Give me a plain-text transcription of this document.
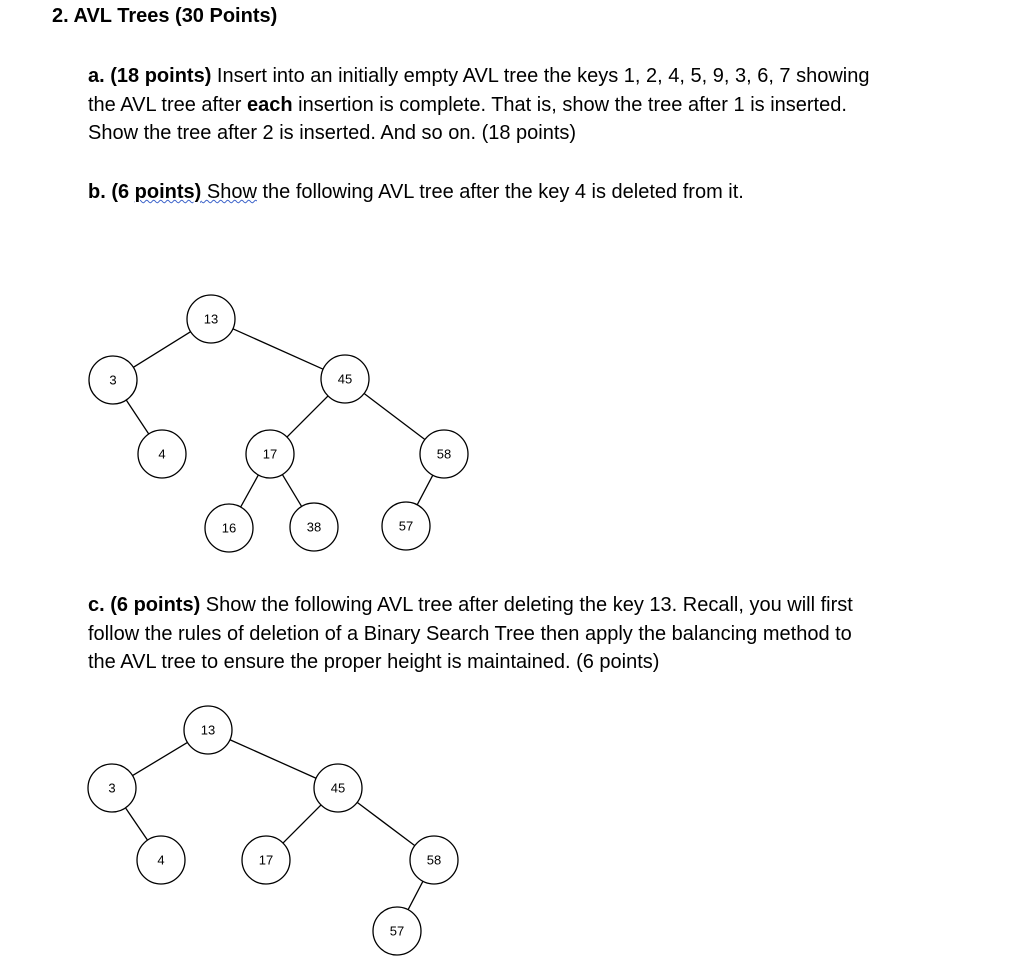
2. AVL Trees (30 Points)
a. (18 points) Insert into an initially empty AVL tree the keys 1, 2, 4, 5, 9, 3, 6, 7 showing
the AVL tree after each insertion is complete. That is, show the tree after 1 is inserted.
Show the tree after 2 is inserted. And so on. (18 points)
b. (6 points) Show the following AVL tree after the key 4 is deleted from it.
13
3	45
4	17	58
16	38	57
c. (6 points) Show the following AVL tree after deleting the key 13. Recall, you will first
follow the rules of deletion of a Binary Search Tree then apply the balancing method to
the AVL tree to ensure the proper height is maintained. (6 points)
13
3	45
4	17	58
57
